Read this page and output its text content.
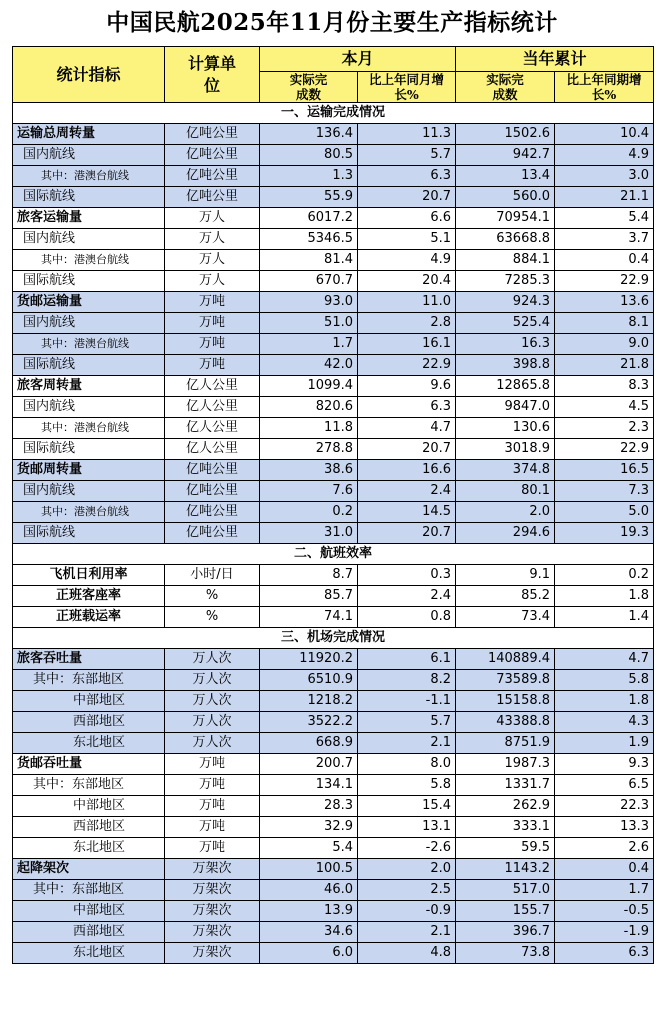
中国民航2025年11月份主要生产指标统计
统计指标	计算单位	本月		当年累计	
		实际完成数	比上年同月增长%	实际完成数	比上年同期增长%
一、运输完成情况					
运输总周转量	亿吨公里	136.4	11.3	1502.6	10.4
国内航线	亿吨公里	80.5	5.7	942.7	4.9
其中：港澳台航线	亿吨公里	1.3	6.3	13.4	3.0
国际航线	亿吨公里	55.9	20.7	560.0	21.1
旅客运输量	万人	6017.2	6.6	70954.1	5.4
国内航线	万人	5346.5	5.1	63668.8	3.7
其中：港澳台航线	万人	81.4	4.9	884.1	0.4
国际航线	万人	670.7	20.4	7285.3	22.9
货邮运输量	万吨	93.0	11.0	924.3	13.6
国内航线	万吨	51.0	2.8	525.4	8.1
其中：港澳台航线	万吨	1.7	16.1	16.3	9.0
国际航线	万吨	42.0	22.9	398.8	21.8
旅客周转量	亿人公里	1099.4	9.6	12865.8	8.3
国内航线	亿人公里	820.6	6.3	9847.0	4.5
其中：港澳台航线	亿人公里	11.8	4.7	130.6	2.3
国际航线	亿人公里	278.8	20.7	3018.9	22.9
货邮周转量	亿吨公里	38.6	16.6	374.8	16.5
国内航线	亿吨公里	7.6	2.4	80.1	7.3
其中：港澳台航线	亿吨公里	0.2	14.5	2.0	5.0
国际航线	亿吨公里	31.0	20.7	294.6	19.3
二、航班效率					
飞机日利用率	小时/日	8.7	0.3	9.1	0.2
正班客座率	%	85.7	2.4	85.2	1.8
正班载运率	%	74.1	0.8	73.4	1.4
三、机场完成情况					
旅客吞吐量	万人次	11920.2	6.1	140889.4	4.7
其中：东部地区	万人次	6510.9	8.2	73589.8	5.8
中部地区	万人次	1218.2	-1.1	15158.8	1.8
西部地区	万人次	3522.2	5.7	43388.8	4.3
东北地区	万人次	668.9	2.1	8751.9	1.9
货邮吞吐量	万吨	200.7	8.0	1987.3	9.3
其中：东部地区	万吨	134.1	5.8	1331.7	6.5
中部地区	万吨	28.3	15.4	262.9	22.3
西部地区	万吨	32.9	13.1	333.1	13.3
东北地区	万吨	5.4	-2.6	59.5	2.6
起降架次	万架次	100.5	2.0	1143.2	0.4
其中：东部地区	万架次	46.0	2.5	517.0	1.7
中部地区	万架次	13.9	-0.9	155.7	-0.5
西部地区	万架次	34.6	2.1	396.7	-1.9
东北地区	万架次	6.0	4.8	73.8	6.3
